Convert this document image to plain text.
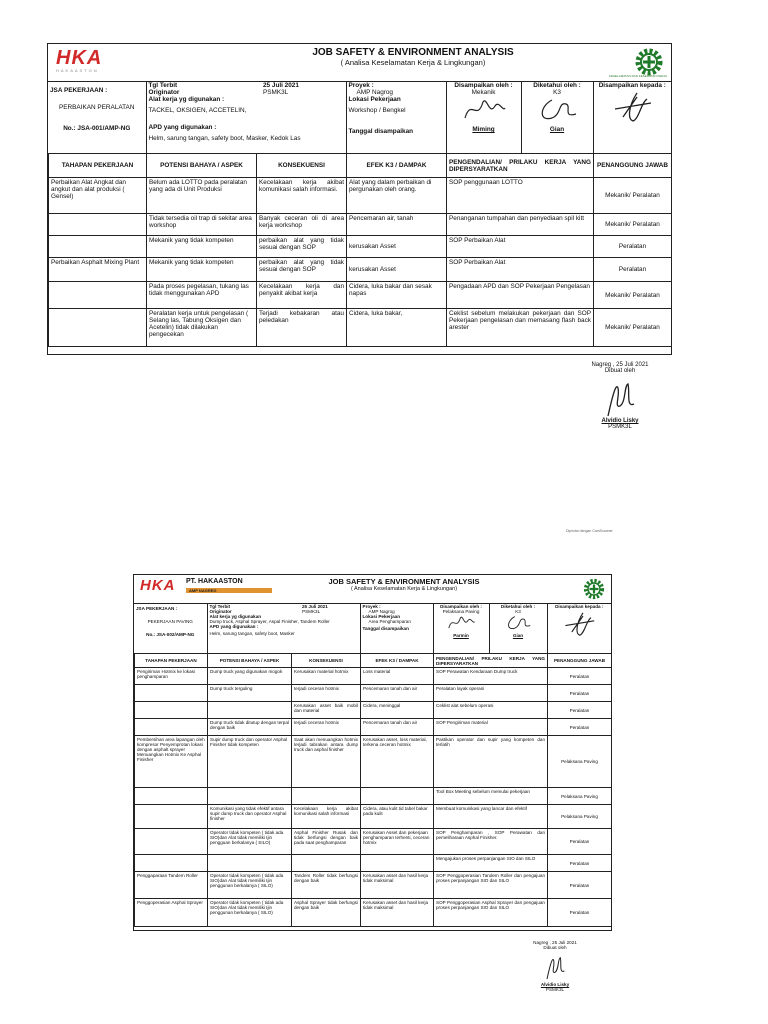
HKA
HAKAASTON
JOB SAFETY & ENVIRONMENT ANALYSIS
( Analisa Keselamatan Kerja & Lingkungan)
KESELAMATAN DAN KESEHATAN KERJA
JSA PEKERJAAN :
PERBAIKAN PERALATAN
No.: JSA-001/AMP-NG

Tgl Terbit	25 Juli 2021
Originator	PSMK3L
Alat kerja yg digunakan :
TACKEL, OKSIGEN, ACCETELIN,
APD yang digunakan :
Helm, sarung tangan, safety boot, Masker, Kedok Las

Proyek :
AMP Nagrog
Lokasi Pekerjaan
Workshop / Bengkel
Tanggal disampaikan

Disampaikan oleh :
Mekanik
Miming

Diketahui oleh :
K3
Gian

Disampaikan kepada :
TAHAPAN PEKERJAAN	POTENSI BAHAYA / ASPEK	KONSEKUENSI	EFEK K3 / DAMPAK	PENGENDALIAN/ PRILAKU KERJA YANG DIPERSYARATKAN	PENANGGUNG JAWAB
Perbaikan Alat Angkat dan angkut dan alat produksi ( Gensel)	Belum ada LOTTO pada peralatan yang ada di Unit Produksi	Kecelakaan kerja akibat komunikasi salah informasi.	Alat yang dalam perbaikan di pergunakan oleh orang.	SOP penggunaan LOTTO	Mekanik/ Peralatan
	Tidak tersedia oil trap di sekitar area workshop	Banyak ceceran oli di area kerja workshop	Pencemaran air, tanah	Penanganan tumpahan dan penyediaan spil kitt	Mekanik/ Peralatan
	Mekanik yang tidak kompeten	perbaikan alat yang tidak sesuai dengan SOP	kerusakan Asset	SOP Perbaikan Alat	Peralatan
Perbaikan Asphalt Mixing Plant	Mekanik yang tidak kompeten	perbaikan alat yang tidak sesuai dengan SOP	kerusakan Asset	SOP Perbaikan Alat	Peralatan
	Pada proses pegelasan, tukang las tidak menggunakan APD	Kecelakaan kerja dan penyakit akibat kerja	Cidera, luka bakar dan sesak napas	Pengadaan APD dan SOP Pekerjaan Pengelasan	Mekanik/ Peralatan
	Peralatan kerja untuk pengelasan ( Selang las, Tabung Oksigen dan Acetelin) tidak dilakukan pengecekan	Terjadi kebakaran atau peledakan	Cidera, luka bakar,	Ceklist sebelum melakukan pekerjaan dan SOP Pekerjaan pengelasan dan memasang flash back arester	Mekanik/ Peralatan
Nagreg , 25 Juli 2021
Dibuat oleh
Alvidio Lisky
PSMK3L
Dipindai dengan CamScanner
HKA PT. HAKAASTON
AMP NAGREG
JOB SAFETY & ENVIRONMENT ANALYSIS
( Analisa Keselamatan Kerja & Lingkungan)
JSA PEKERJAAN :
PEKERJAAN PAVING
No.: JSA-002/AMP-NG

Tgl Terbit	25 Juli 2021
Originator	PSMK3L
Alat kerja yg digunakan
Dump truck, Asphal Sprayer, Aspal Finisher, Tandem Roller
APD yang digunakan :
Helm, sarung tangan, safety boot, Masker

Proyek :
AMP Nagrog
Lokasi Pekerjaan
Area Penghamparan
Tanggal disampaikan

Disampaikan oleh :
Pelaksana Paving
Parmin

Diketahui oleh :
K3
Gian

Disampaikan kepada :
TAHAPAN PEKERJAAN	POTENSI BAHAYA / ASPEK	KONSEKUENSI	EFEK K3 / DAMPAK	PENGENDALIAN/ PRILAKU KERJA YANG DIPERSYARATKAN	PENANGGUNG JAWAB
Pengiriman Hotmix ke lokasi penghamparan	Dump truck yang digunakan mogok	Kerusakan material hotmix	Loss material	SOP Perawatan Kendaraan Dump truck	Peralatan
	Dump truck terguling	terjadi ceceran hotmix	Pencemaran tanah dan air	Peralatan layak operasi	Peralatan
		Kerusakan asset baik mobil dan material	Cidera, meninggal	Ceklist alat sebelum operasi	Peralatan
	Dump truck tidak ditutup dengan terpal dengan baik	terjadi ceceran hotmix	Pencemaran tanah dan air	SOP Pengiriman material	Peralatan
Pembersihan area lapangan oleh kompresor Penyemprotan lokasi dengan asphalt sprayer Menuangkan Hotmix Ke Asphal Finisher	Supir dump truck dan operator Asphal Finisher tidak kompeten	Saat akan menuangkan hotmix terjadi tabrakan antara dump truck dan asphal finisher	Kerusakan asset, loss material, terkena ceceran hotmix	Pastikan operator dan supir yang kompeten dan terlatih	Pelaksana Paving
				Tool Box Meeting sebelum memulai pekerjaan	Pelaksana Paving
	Komunikasi yang tidak efektif antara supir dump truck dan operator Asphal finisher	Kecelakaan kerja akibat komunikasi salah informasi	Cidera, atau kulit tid tabel bakar pada kulit	Membuat komunikasi yang lancar dan efektif	Pelaksana Paving
	Operator tidak kompeten ( tidak ada SIO)dan Alat tidak memiliki Ijin pengguan berkalanya ( SILO)	Asphal Finisher Rusak dan tidak berfungsi dengan baik pada saat penghamparan	Kerusakan Asset dan pekerjaan penghamparan terhenti, ceceran hotmix	SOP Penghamparan , SOP Perawatan dan pemeliharaan Asphal Finisher.	Peralatan
				Mengajukan proses perpanjangan SIO dan SILO	Peralatan
Penggaparaan Tandem Roller	Operator tidak kompeten ( tidak ada SIO)dan Alat tidak memiliki Ijin penggunan berkalanya ( SILO)	Tandem Roller tidak berfungsi dengan baik	Kerusakan asset dan hasil kerja tidak maksimal	SOP Penggoperasian Tandem Roller dan pengajuan proses perpanjangan SIO dan SILO	Peralatan
Penggoperasian Asphal Sprayer	Operator tidak kompeten ( tidak ada SIO)dan Alat tidak memiliki Ijin penggunan berkalanya ( SILO)	Asphal Sprayer tidak berfungsi dengan baik	Kerusakan asset dan hasil kerja tidak maksimal	SOP Penggoperasian Asphal Sprayer dan pengajuan proses perpanjangan SIO dan SILO	Peralatan
Nagreg , 25 Juli 2021
Dibuat oleh
Alvidio Lisky
PSMK3L
